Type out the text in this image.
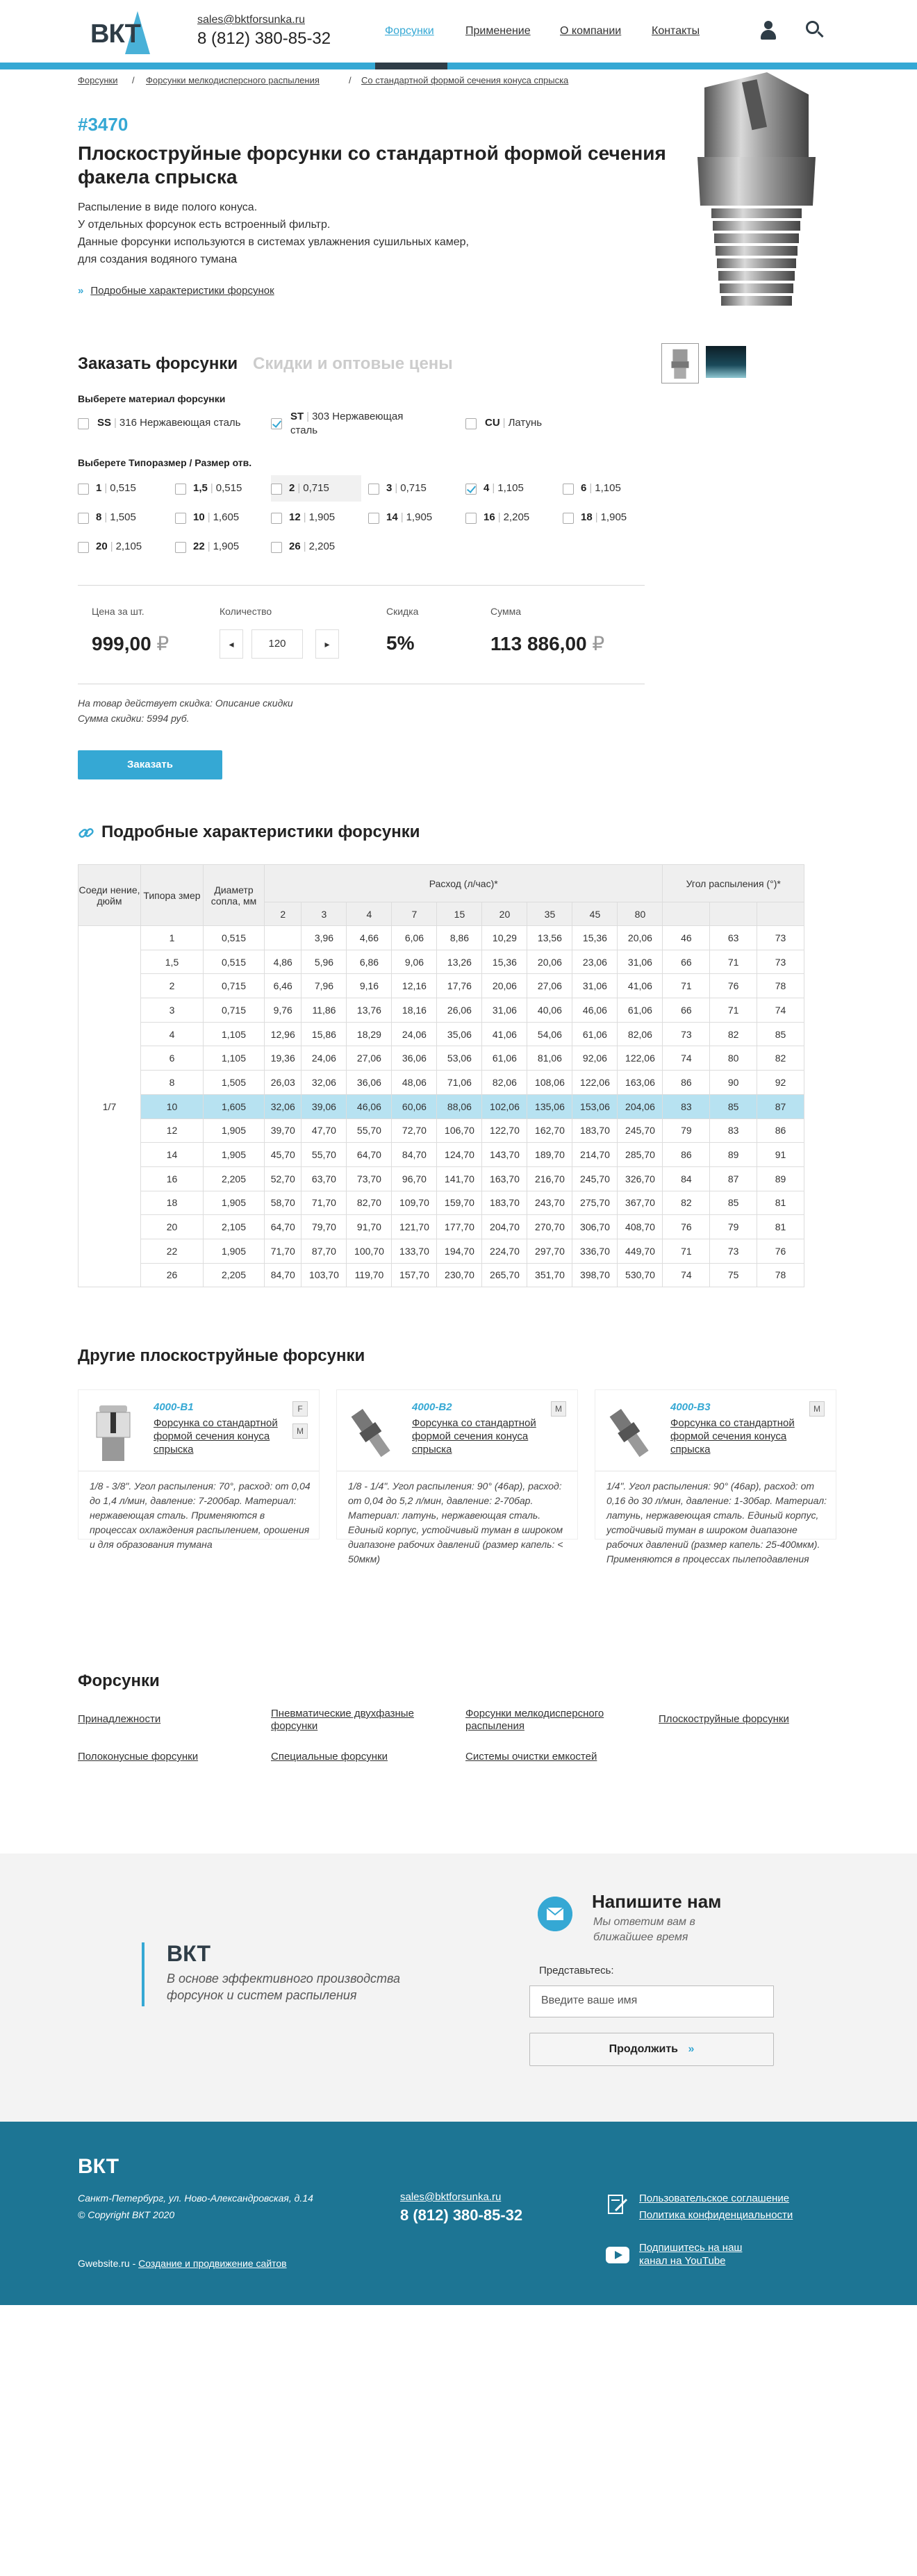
ВКТ	sales@bktforsunka.ru
8 (812) 380-85-32	Форсунки	Применение	О компании	Контакты
Форсунки / Форсунки мелкодисперсного распыления	/ Со стандартной формой сечения конуса спрыска
#3470
Плоскоструйные форсунки со стандартной формой сечения факела спрыска
Распыление в виде полого конуса.
У отдельных форсунок есть встроенный фильтр.
Данные форсунки используются в системах увлажнения сушильных камер,
для создания водяного тумана
» Подробные характеристики форсунок
Заказать форсунки Скидки и оптовые цены
Выберете материал форсунки
SS | 316 Нержавеющая сталь
ST | 303 Нержавеющая сталь
CU | Латунь
Выберете Типоразмер / Размер отв.
1 | 0,515	1,5 | 0,515	2 | 0,715	3 | 0,715	4 | 1,105	6 | 1,105
8 | 1,505	10 | 1,605	12 | 1,905	14 | 1,905	16 | 2,205	18 | 1,905
20 | 2,105	22 | 1,905	26 | 2,205
Цена за шт.
999,00 ₽
Количество
◂	120	▸
Скидка
5%
Сумма
113 886,00 ₽
На товар действует скидка: Описание скидки
Сумма скидки: 5994 руб.
Заказать
Подробные характеристики форсунки
Соеди нение, дюйм	Типора змер	Диаметр сопла, мм	Расход (л/час)*									Угол распыления (°)*		
			2	3	4	7	15	20	35	45	80			
1/7	1	0,515		3,96	4,66	6,06	8,86	10,29	13,56	15,36	20,06	46	63	73
	1,5	0,515	4,86	5,96	6,86	9,06	13,26	15,36	20,06	23,06	31,06	66	71	73
	2	0,715	6,46	7,96	9,16	12,16	17,76	20,06	27,06	31,06	41,06	71	76	78
	3	0,715	9,76	11,86	13,76	18,16	26,06	31,06	40,06	46,06	61,06	66	71	74
	4	1,105	12,96	15,86	18,29	24,06	35,06	41,06	54,06	61,06	82,06	73	82	85
	6	1,105	19,36	24,06	27,06	36,06	53,06	61,06	81,06	92,06	122,06	74	80	82
	8	1,505	26,03	32,06	36,06	48,06	71,06	82,06	108,06	122,06	163,06	86	90	92
	10	1,605	32,06	39,06	46,06	60,06	88,06	102,06	135,06	153,06	204,06	83	85	87
	12	1,905	39,70	47,70	55,70	72,70	106,70	122,70	162,70	183,70	245,70	79	83	86
	14	1,905	45,70	55,70	64,70	84,70	124,70	143,70	189,70	214,70	285,70	86	89	91
	16	2,205	52,70	63,70	73,70	96,70	141,70	163,70	216,70	245,70	326,70	84	87	89
	18	1,905	58,70	71,70	82,70	109,70	159,70	183,70	243,70	275,70	367,70	82	85	81
	20	2,105	64,70	79,70	91,70	121,70	177,70	204,70	270,70	306,70	408,70	76	79	81
	22	1,905	71,70	87,70	100,70	133,70	194,70	224,70	297,70	336,70	449,70	71	73	76
	26	2,205	84,70	103,70	119,70	157,70	230,70	265,70	351,70	398,70	530,70	74	75	78
Другие плоскоструйные форсунки
4000-B1
Форсунка со стандартной формой сечения конуса спрыска
F
M
1/8 - 3/8". Угол распыления: 70°, расход: от 0,04 до 1,4 л/мин, давление: 7-200бар. Материал: нержавеющая сталь. Применяются в процессах охлаждения распылением, орошения и для образования тумана
4000-B2
Форсунка со стандартной формой сечения конуса спрыска
M
1/8 - 1/4". Угол распыления: 90° (46ар), расход: от 0,04 до 5,2 л/мин, давление: 2-70бар. Материал: латунь, нержавеющая сталь. Единый корпус, устойчивый туман в широком диапазоне рабочих давлений (размер капель: < 50мкм)
4000-B3
Форсунка со стандартной формой сечения конуса спрыска
M
1/4". Угол распыления: 90° (46ар), расход: от 0,16 до 30 л/мин, давление: 1-30бар. Материал: латунь, нержавеющая сталь. Единый корпус, устойчивый туман в широком диапазоне рабочих давлений (размер капель: 25-400мкм). Применяются в процессах пылеподавления
Форсунки
Принадлежности	Пневматические двухфазные форсунки
Форсунки мелкодисперсного распыления
Плоскоструйные форсунки
Полоконусные форсунки	Специальные форсунки	Системы очистки емкостей
ВКТ
В основе эффективного производства форсунок и систем распыления
Напишите нам
Мы ответим вам в ближайшее время
Представьтесь:
Введите ваше имя
Продолжить »
ВКТ
Санкт-Петербург, ул. Ново-Александровская, д.14
© Copyright ВКТ 2020
sales@bktforsunka.ru
8 (812) 380-85-32
Пользовательское соглашение
Политика конфиденциальности
Подпишитесь на наш канал на YouTube
Gwebsite.ru - Создание и продвижение сайтов
